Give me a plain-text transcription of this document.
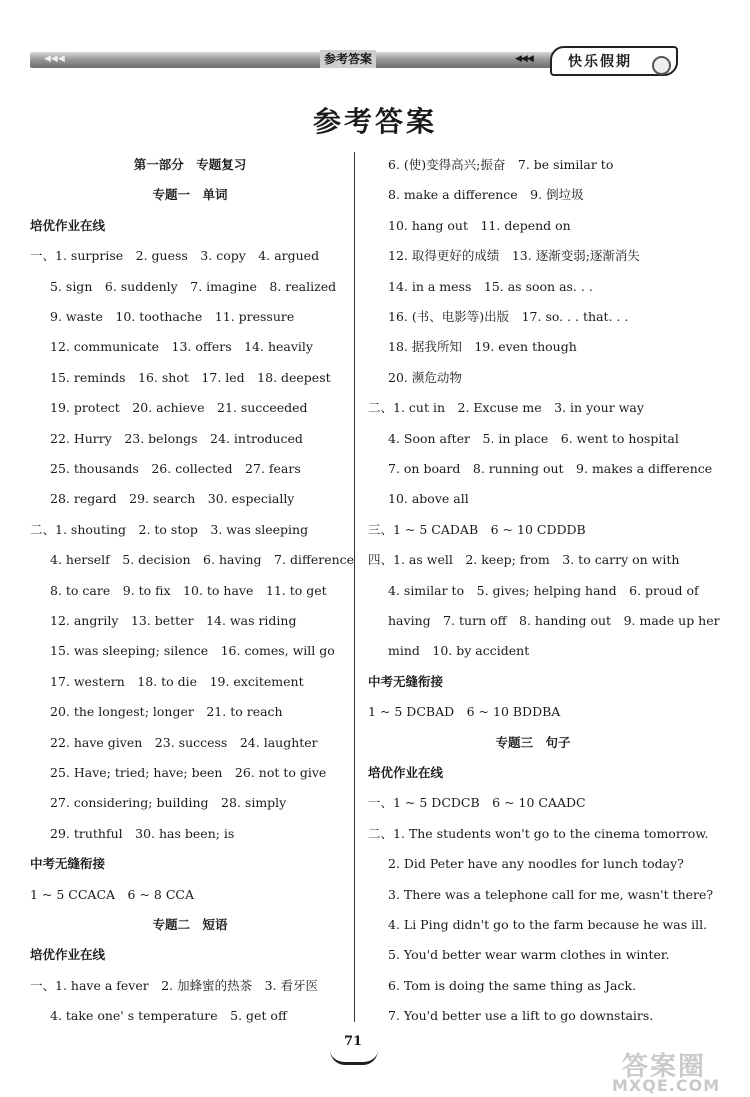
◀◀◀	参考答案	◀◀◀	快乐假期
参考答案
第一部分　专题复习
专题一　单词
培优作业在线
一、1. surprise　2. guess　3. copy　4. argued
5. sign　6. suddenly　7. imagine　8. realized
9. waste　10. toothache　11. pressure
12. communicate　13. offers　14. heavily
15. reminds　16. shot　17. led　18. deepest
19. protect　20. achieve　21. succeeded
22. Hurry　23. belongs　24. introduced
25. thousands　26. collected　27. fears
28. regard　29. search　30. especially
二、1. shouting　2. to stop　3. was sleeping
4. herself　5. decision　6. having　7. difference
8. to care　9. to fix　10. to have　11. to get
12. angrily　13. better　14. was riding
15. was sleeping; silence　16. comes, will go
17. western　18. to die　19. excitement
20. the longest; longer　21. to reach
22. have given　23. success　24. laughter
25. Have; tried; have; been　26. not to give
27. considering; building　28. simply
29. truthful　30. has been; is
中考无缝衔接
1 ~ 5 CCACA　6 ~ 8 CCA
专题二　短语
培优作业在线
一、1. have a fever　2. 加蜂蜜的热茶　3. 看牙医
4. take one' s temperature　5. get off
6. (使)变得高兴;振奋　7. be similar to
8. make a difference　9. 倒垃圾
10. hang out　11. depend on
12. 取得更好的成绩　13. 逐渐变弱;逐渐消失
14. in a mess　15. as soon as. . .
16. (书、电影等)出版　17. so. . . that. . .
18. 据我所知　19. even though
20. 濒危动物
二、1. cut in　2. Excuse me　3. in your way
4. Soon after　5. in place　6. went to hospital
7. on board　8. running out　9. makes a difference
10. above all
三、1 ~ 5 CADAB　6 ~ 10 CDDDB
四、1. as well　2. keep; from　3. to carry on with
4. similar to　5. gives; helping hand　6. proud of
having　7. turn off　8. handing out　9. made up her
mind　10. by accident
中考无缝衔接
1 ~ 5 DCBAD　6 ~ 10 BDDBA
专题三　句子
培优作业在线
一、1 ~ 5 DCDCB　6 ~ 10 CAADC
二、1. The students won't go to the cinema tomorrow.
2. Did Peter have any noodles for lunch today?
3. There was a telephone call for me, wasn't there?
4. Li Ping didn't go to the farm because he was ill.
5. You'd better wear warm clothes in winter.
6. Tom is doing the same thing as Jack.
7. You'd better use a lift to go downstairs.
71
答案圈
MXQE.COM
